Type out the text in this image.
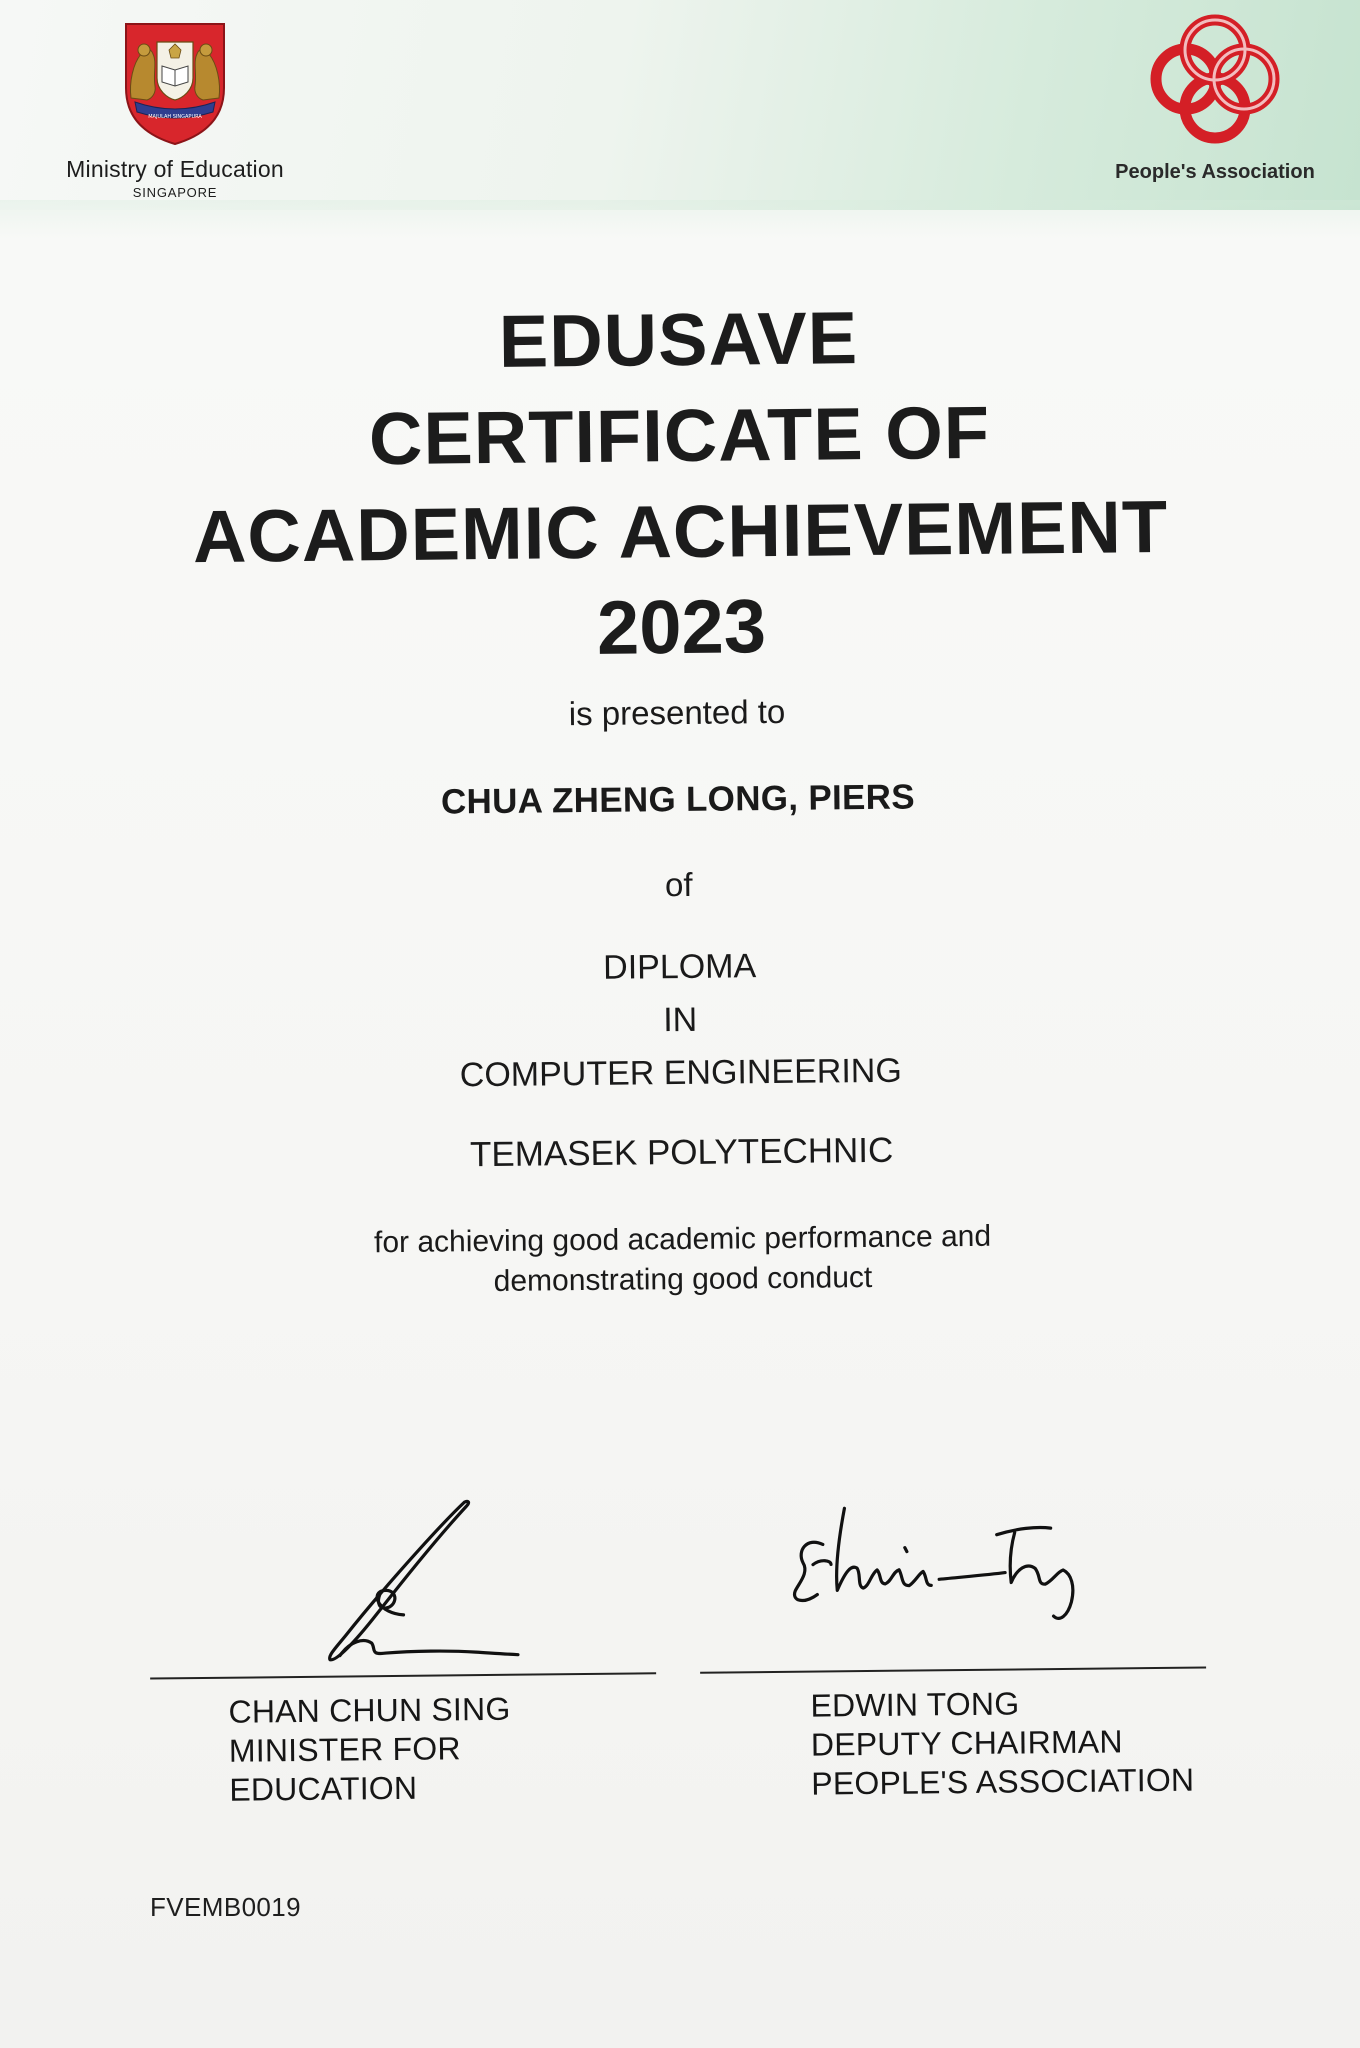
MAJULAH SINGAPURA
Ministry of Education
SINGAPORE
People's Association
EDUSAVE
CERTIFICATE OF
ACADEMIC ACHIEVEMENT
2023
is presented to
CHUA ZHENG LONG, PIERS
of
DIPLOMA
IN
COMPUTER ENGINEERING
TEMASEK POLYTECHNIC
for achieving good academic performance and
demonstrating good conduct
CHAN CHUN SING
MINISTER FOR EDUCATION
EDWIN TONG
DEPUTY CHAIRMAN
PEOPLE'S ASSOCIATION
FVEMB0019
